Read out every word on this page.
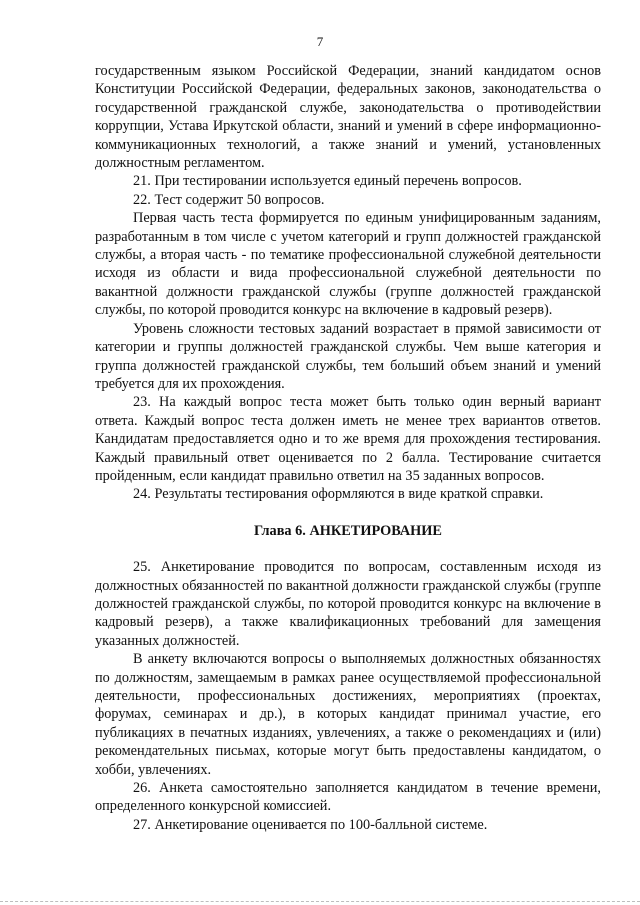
7

государственным языком Российской Федерации, знаний кандидатом основ Конституции Российской Федерации, федеральных законов, законодательства о государственной гражданской службе, законодательства о противодействии коррупции, Устава Иркутской области, знаний и умений в сфере информационно-коммуникационных технологий, а также знаний и умений, установленных должностным регламентом.

21. При тестировании используется единый перечень вопросов.

22. Тест содержит 50 вопросов.

Первая часть теста формируется по единым унифицированным заданиям, разработанным в том числе с учетом категорий и групп должностей гражданской службы, а вторая часть - по тематике профессиональной служебной деятельности исходя из области и вида профессиональной служебной деятельности по вакантной должности гражданской службы (группе должностей гражданской службы, по которой проводится конкурс на включение в кадровый резерв).

Уровень сложности тестовых заданий возрастает в прямой зависимости от категории и группы должностей гражданской службы. Чем выше категория и группа должностей гражданской службы, тем больший объем знаний и умений требуется для их прохождения.

23. На каждый вопрос теста может быть только один верный вариант ответа. Каждый вопрос теста должен иметь не менее трех вариантов ответов. Кандидатам предоставляется одно и то же время для прохождения тестирования. Каждый правильный ответ оценивается по 2 балла. Тестирование считается пройденным, если кандидат правильно ответил на 35 заданных вопросов.

24. Результаты тестирования оформляются в виде краткой справки.

Глава 6. АНКЕТИРОВАНИЕ

25. Анкетирование проводится по вопросам, составленным исходя из должностных обязанностей по вакантной должности гражданской службы (группе должностей гражданской службы, по которой проводится конкурс на включение в кадровый резерв), а также квалификационных требований для замещения указанных должностей.

В анкету включаются вопросы о выполняемых должностных обязанностях по должностям, замещаемым в рамках ранее осуществляемой профессиональной деятельности, профессиональных достижениях, мероприятиях (проектах, форумах, семинарах и др.), в которых кандидат принимал участие, его публикациях в печатных изданиях, увлечениях, а также о рекомендациях и (или) рекомендательных письмах, которые могут быть предоставлены кандидатом, о хобби, увлечениях.

26. Анкета самостоятельно заполняется кандидатом в течение времени, определенного конкурсной комиссией.

27. Анкетирование оценивается по 100-балльной системе.
